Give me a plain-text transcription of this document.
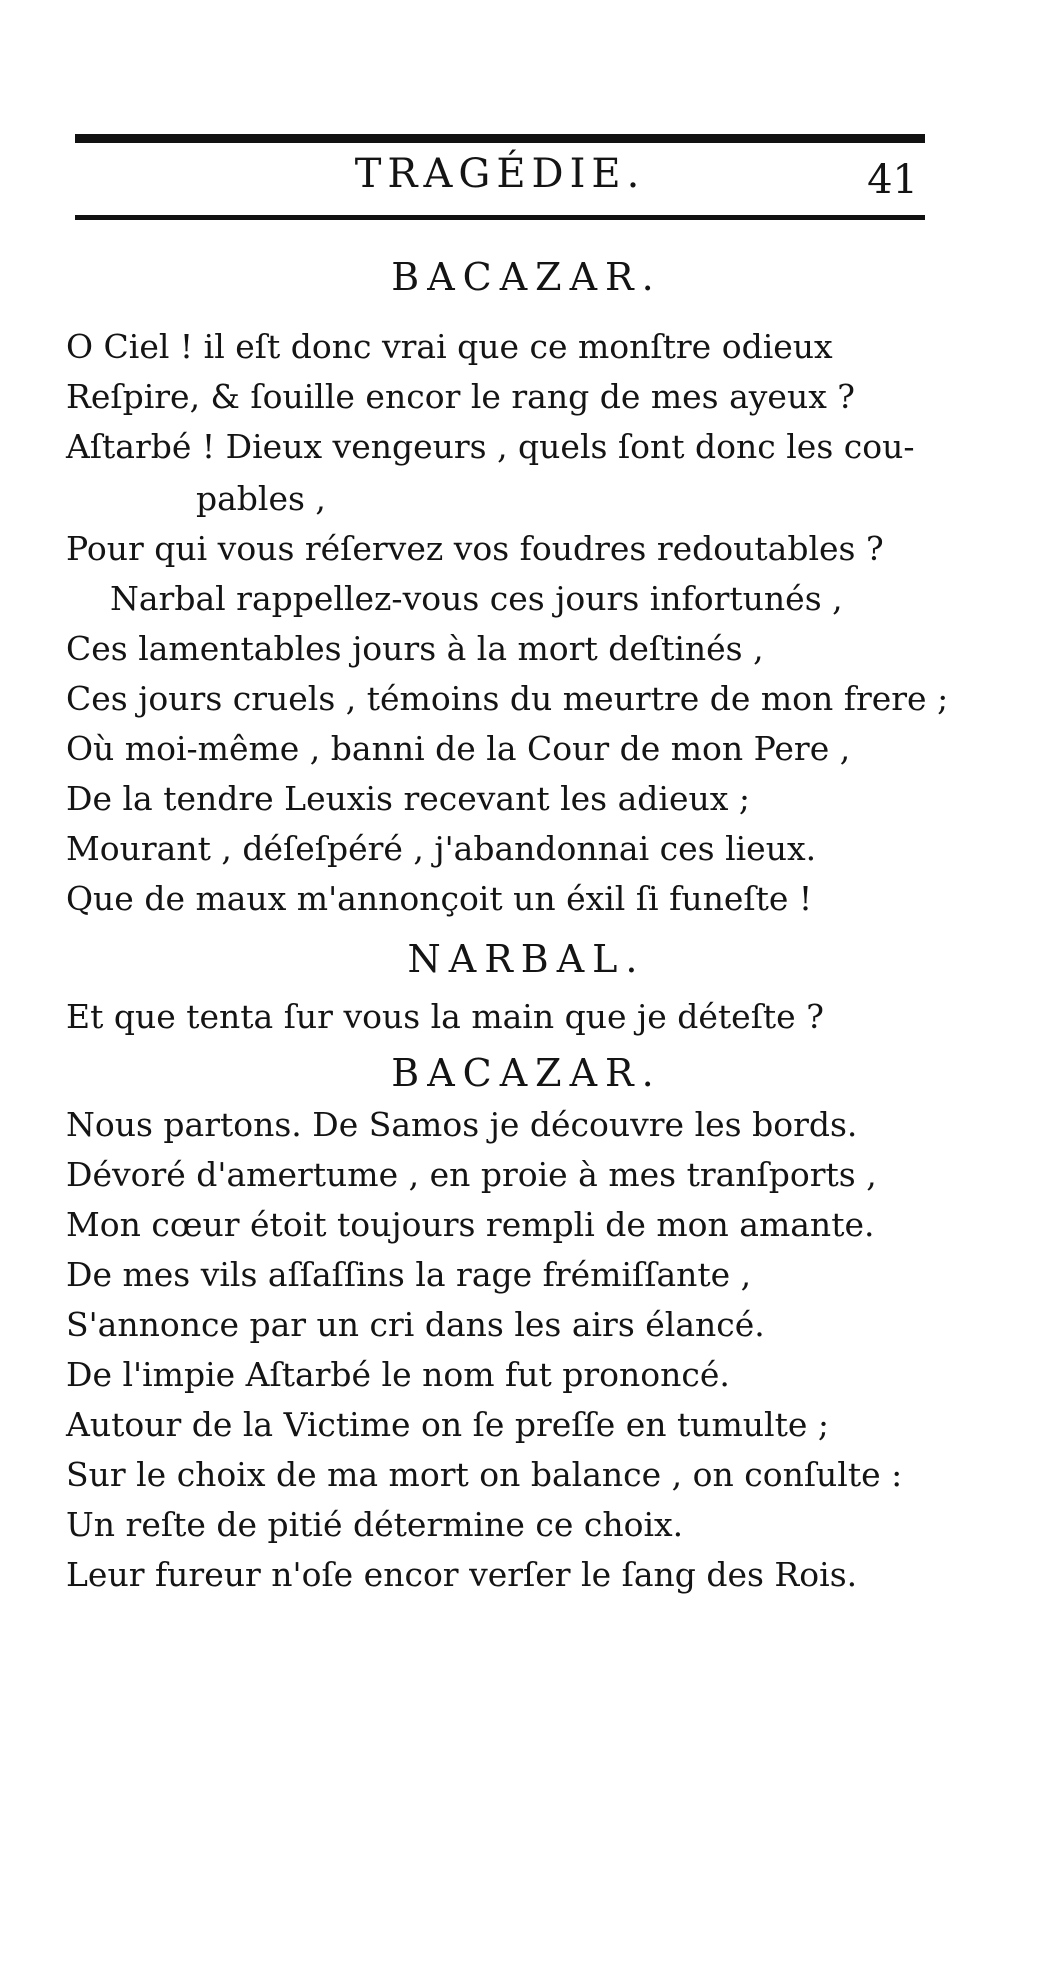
TRAGÉDIE.	41
BACAZAR.
O Ciel ! il eſt donc vrai que ce monſtre odieux
Reſpire, & ſouille encor le rang de mes ayeux ?
Aſtarbé ! Dieux vengeurs , quels ſont donc les cou-
pables ,
Pour qui vous réſervez vos foudres redoutables ?
Narbal rappellez-vous ces jours infortunés ,
Ces lamentables jours à la mort deſtinés ,
Ces jours cruels , témoins du meurtre de mon frere ;
Où moi-même , banni de la Cour de mon Pere ,
De la tendre Leuxis recevant les adieux ;
Mourant , déſeſpéré , j'abandonnai ces lieux.
Que de maux m'annonçoit un éxil ſi funeſte !
NARBAL.
Et que tenta ſur vous la main que je déteſte ?
BACAZAR.
Nous partons. De Samos je découvre les bords.
Dévoré d'amertume , en proie à mes tranſports ,
Mon cœur étoit toujours rempli de mon amante.
De mes vils aſſaſſins la rage frémiſſante ,
S'annonce par un cri dans les airs élancé.
De l'impie Aſtarbé le nom fut prononcé.
Autour de la Victime on ſe preſſe en tumulte ;
Sur le choix de ma mort on balance , on conſulte :
Un reſte de pitié détermine ce choix.
Leur fureur n'oſe encor verſer le ſang des Rois.
